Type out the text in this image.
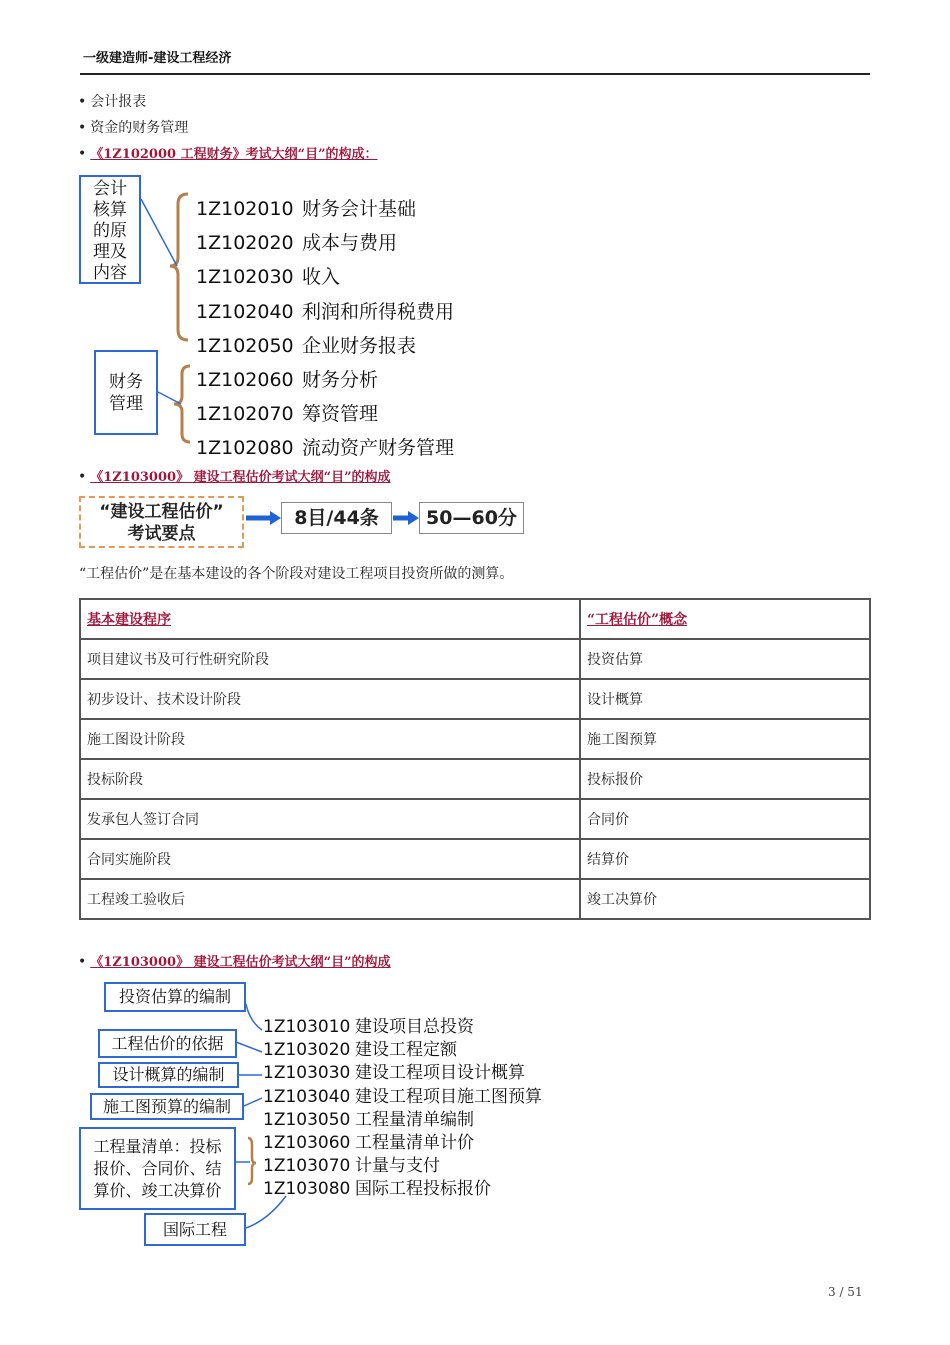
一级建造师-建设工程经济
• 会计报表
• 资金的财务管理
• 《1Z102000 工程财务》考试大纲“目”的构成：
会计核算的原理及内容
财务管理
1Z102010 财务会计基础
1Z102020 成本与费用
1Z102030 收入
1Z102040 利润和所得税费用
1Z102050 企业财务报表
1Z102060 财务分析
1Z102070 筹资管理
1Z102080 流动资产财务管理
• 《1Z103000》 建设工程估价考试大纲“目”的构成
“建设工程估价”
考试要点
8目/44条	50—60分
“工程估价”是在基本建设的各个阶段对建设工程项目投资所做的测算。
基本建设程序	“工程估价”概念
项目建议书及可行性研究阶段	投资估算
初步设计、技术设计阶段	设计概算
施工图设计阶段	施工图预算
投标阶段	投标报价
发承包人签订合同	合同价
合同实施阶段	结算价
工程竣工验收后	竣工决算价
• 《1Z103000》 建设工程估价考试大纲“目”的构成
投资估算的编制
工程估价的依据
设计概算的编制
施工图预算的编制
工程量清单：投标报价、合同价、结算价、竣工决算价
国际工程
1Z103010 建设项目总投资
1Z103020 建设工程定额
1Z103030 建设工程项目设计概算
1Z103040 建设工程项目施工图预算
1Z103050 工程量清单编制
1Z103060 工程量清单计价
1Z103070 计量与支付
1Z103080 国际工程投标报价
3 / 51
